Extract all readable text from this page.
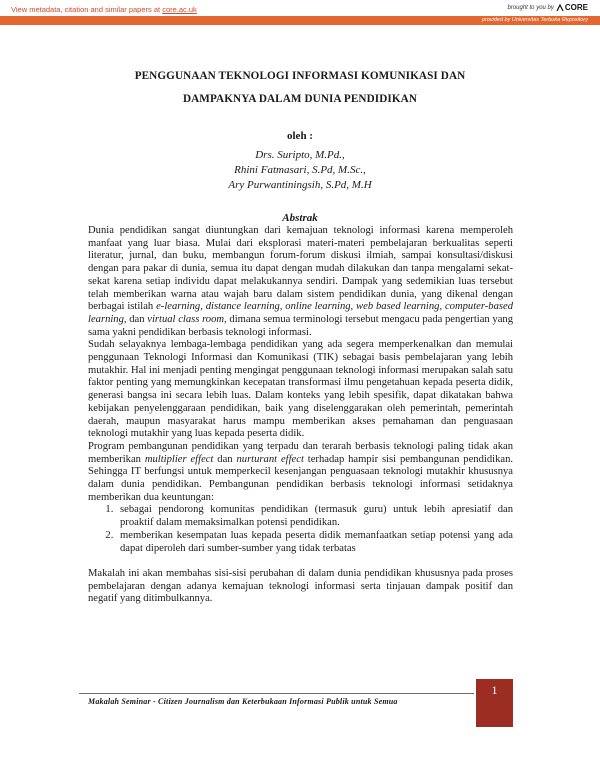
View metadata, citation and similar papers at core.ac.uk	brought to you by CORE
provided by Universitas Terbuka Repository
PENGGUNAAN TEKNOLOGI INFORMASI KOMUNIKASI DAN
DAMPAKNYA DALAM DUNIA PENDIDIKAN
oleh :
Drs. Suripto, M.Pd.,
Rhini Fatmasari, S.Pd, M.Sc.,
Ary Purwantiningsih, S.Pd, M.H
Abstrak

Dunia pendidikan sangat diuntungkan dari kemajuan teknologi informasi karena memperoleh manfaat yang luar biasa. Mulai dari eksplorasi materi-materi pembelajaran berkualitas seperti literatur, jurnal, dan buku, membangun forum-forum diskusi ilmiah, sampai konsultasi/diskusi dengan para pakar di dunia, semua itu dapat dengan mudah dilakukan dan tanpa mengalami sekat-sekat karena setiap individu dapat melakukannya sendiri. Dampak yang sedemikian luas tersebut telah memberikan warna atau wajah baru dalam sistem pendidikan dunia, yang dikenal dengan berbagai istilah e-learning, distance learning, online learning, web based learning, computer-based learning, dan virtual class room, dimana semua terminologi tersebut mengacu pada pengertian yang sama yakni pendidikan berbasis teknologi informasi.

Sudah selayaknya lembaga-lembaga pendidikan yang ada segera memperkenalkan dan memulai penggunaan Teknologi Informasi dan Komunikasi (TIK) sebagai basis pembelajaran yang lebih mutakhir. Hal ini menjadi penting mengingat penggunaan teknologi informasi merupakan salah satu faktor penting yang memungkinkan kecepatan transformasi ilmu pengetahuan kepada peserta didik, generasi bangsa ini secara lebih luas. Dalam konteks yang lebih spesifik, dapat dikatakan bahwa kebijakan penyelenggaraan pendidikan, baik yang diselenggarakan oleh pemerintah, pemerintah daerah, maupun masyarakat harus mampu memberikan akses pemahaman dan penguasaan teknologi mutakhir yang luas kepada peserta didik.

Program pembangunan pendidikan yang terpadu dan terarah berbasis teknologi paling tidak akan memberikan multiplier effect dan nurturant effect terhadap hampir sisi pembangunan pendidikan. Sehingga IT berfungsi untuk memperkecil kesenjangan penguasaan teknologi mutakhir khususnya dalam dunia pendidikan. Pembangunan pendidikan berbasis teknologi informasi setidaknya memberikan dua keuntungan:

1. sebagai pendorong komunitas pendidikan (termasuk guru) untuk lebih apresiatif dan proaktif dalam memaksimalkan potensi pendidikan.
2. memberikan kesempatan luas kepada peserta didik memanfaatkan setiap potensi yang ada dapat diperoleh dari sumber-sumber yang tidak terbatas

Makalah ini akan membahas sisi-sisi perubahan di dalam dunia pendidikan khususnya pada proses pembelajaran dengan adanya kemajuan teknologi informasi serta tinjauan dampak positif dan negatif yang ditimbulkannya.

Makalah Seminar - Citizen Journalism dan Keterbukaan Informasi Publik untuk Semua
1
